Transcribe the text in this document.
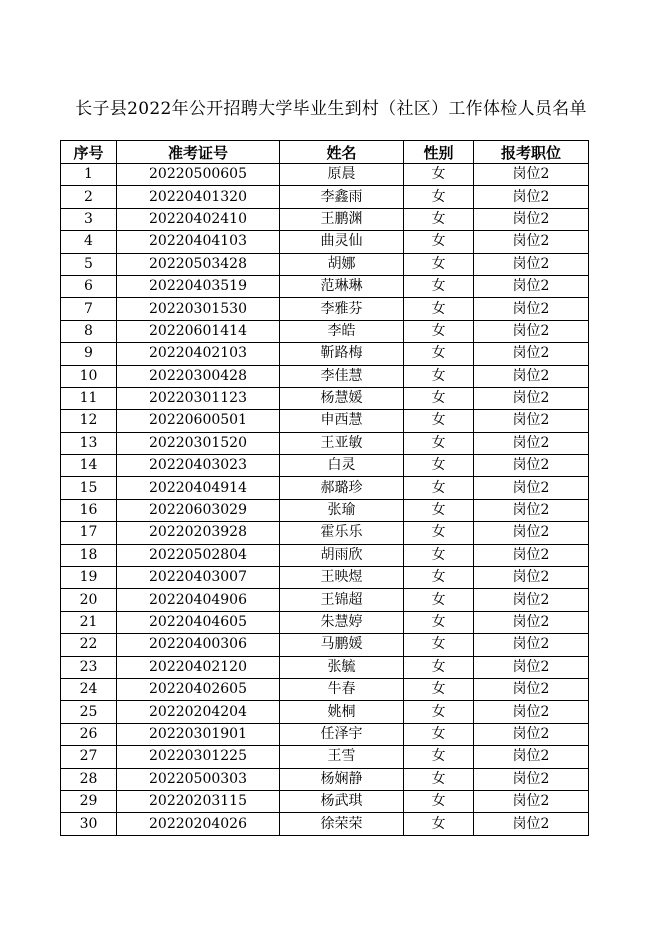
长子县2022年公开招聘大学毕业生到村（社区）工作体检人员名单
序号	准考证号	姓名	性别	报考职位
1	20220500605	原晨	女	岗位2
2	20220401320	李鑫雨	女	岗位2
3	20220402410	王鹏渊	女	岗位2
4	20220404103	曲灵仙	女	岗位2
5	20220503428	胡娜	女	岗位2
6	20220403519	范琳琳	女	岗位2
7	20220301530	李雅芬	女	岗位2
8	20220601414	李皓	女	岗位2
9	20220402103	靳路梅	女	岗位2
10	20220300428	李佳慧	女	岗位2
11	20220301123	杨慧媛	女	岗位2
12	20220600501	申西慧	女	岗位2
13	20220301520	王亚敏	女	岗位2
14	20220403023	白灵	女	岗位2
15	20220404914	郝璐珍	女	岗位2
16	20220603029	张瑜	女	岗位2
17	20220203928	霍乐乐	女	岗位2
18	20220502804	胡雨欣	女	岗位2
19	20220403007	王映煜	女	岗位2
20	20220404906	王锦超	女	岗位2
21	20220404605	朱慧婷	女	岗位2
22	20220400306	马鹏媛	女	岗位2
23	20220402120	张毓	女	岗位2
24	20220402605	牛春	女	岗位2
25	20220204204	姚桐	女	岗位2
26	20220301901	任泽宇	女	岗位2
27	20220301225	王雪	女	岗位2
28	20220500303	杨娴静	女	岗位2
29	20220203115	杨武琪	女	岗位2
30	20220204026	徐荣荣	女	岗位2
